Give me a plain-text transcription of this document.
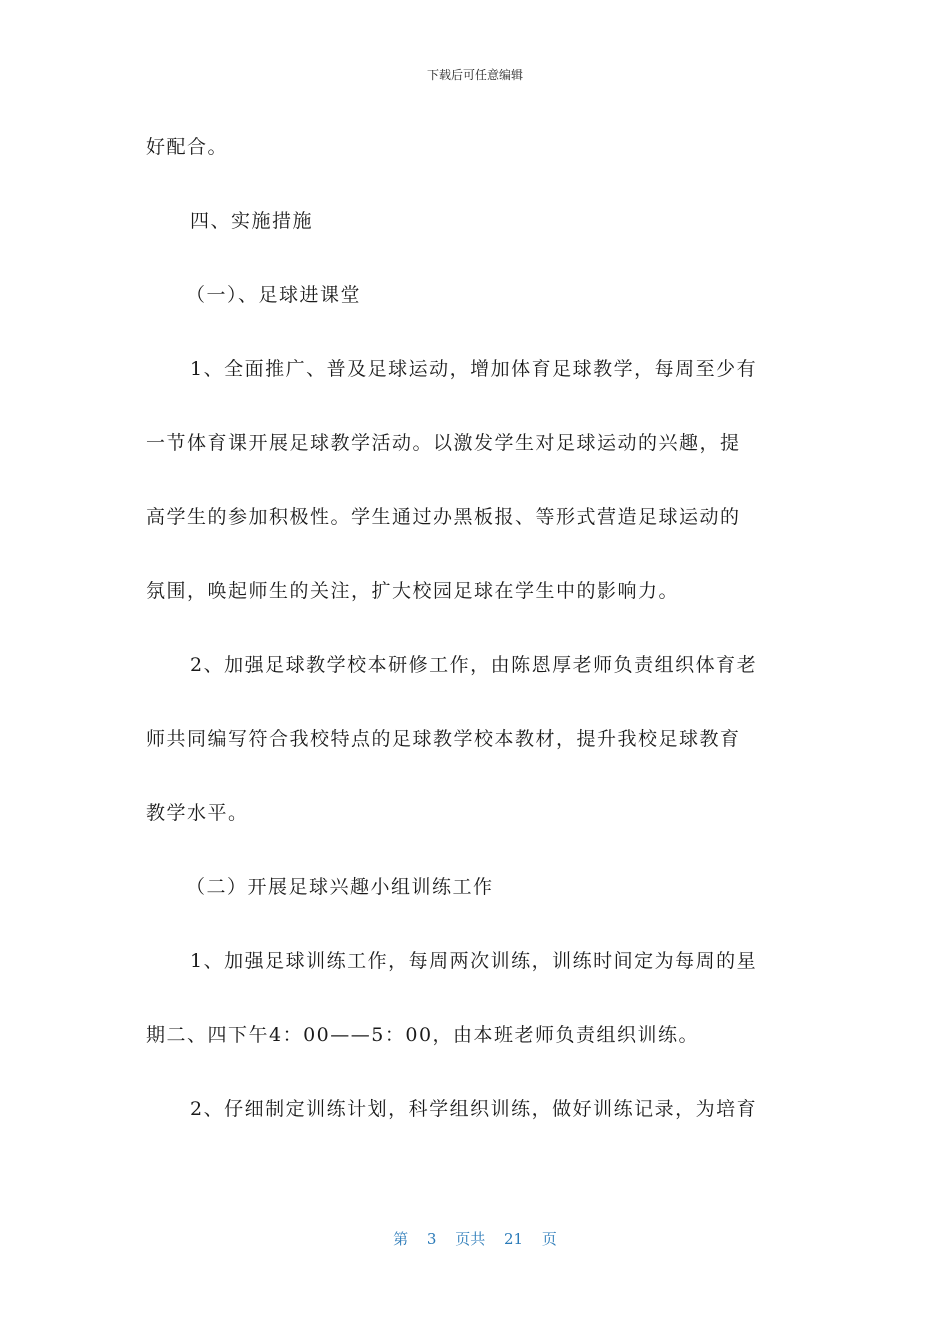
下载后可任意编辑
好配合。
四、实施措施
（一）、足球进课堂
1、全面推广、普及足球运动，增加体育足球教学，每周至少有
一节体育课开展足球教学活动。以激发学生对足球运动的兴趣，提
高学生的参加积极性。学生通过办黑板报、等形式营造足球运动的
氛围，唤起师生的关注，扩大校园足球在学生中的影响力。
2、加强足球教学校本研修工作，由陈恩厚老师负责组织体育老
师共同编写符合我校特点的足球教学校本教材，提升我校足球教育
教学水平。
（二）开展足球兴趣小组训练工作
1、加强足球训练工作，每周两次训练，训练时间定为每周的星
期二、四下午4：00——5：00，由本班老师负责组织训练。
2、仔细制定训练计划，科学组织训练，做好训练记录，为培育
第 3 页共 21 页
